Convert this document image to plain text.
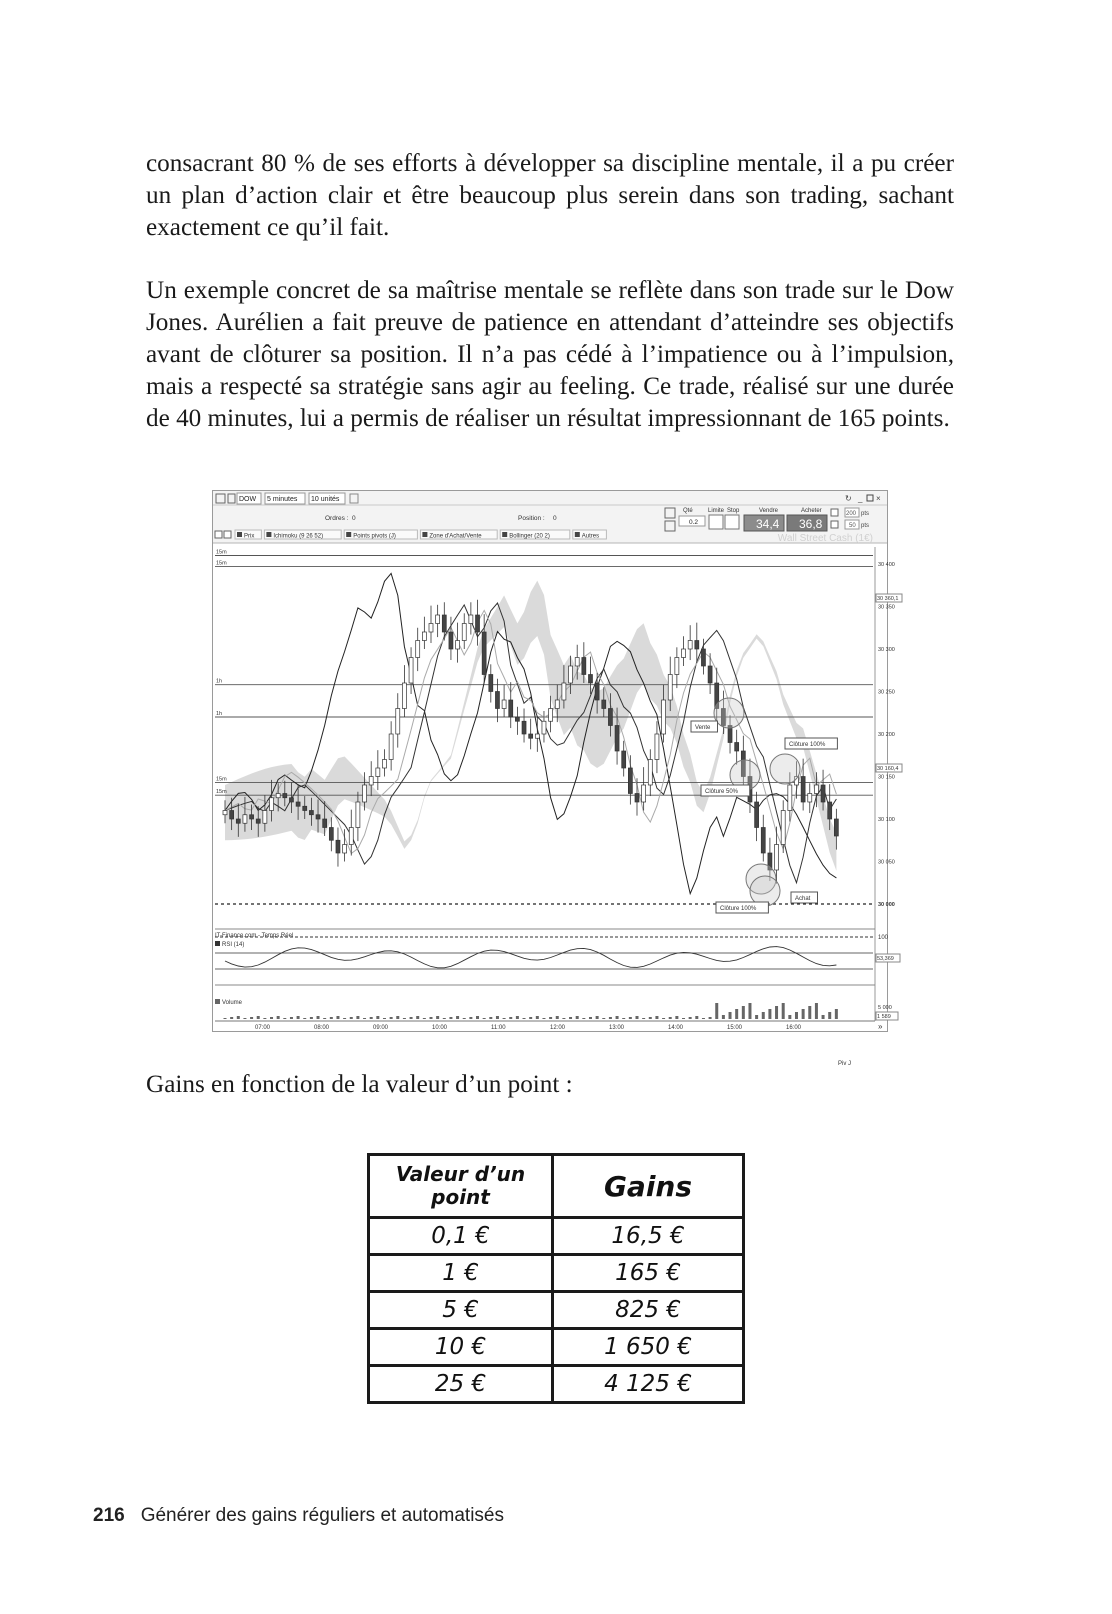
consacrant 80 % de ses efforts à développer sa discipline mentale, il a pu créer un plan d’action clair et être beaucoup plus serein dans son trading, sachant exactement ce qu’il fait.

Un exemple concret de sa maîtrise mentale se reflète dans son trade sur le Dow Jones. Aurélien a fait preuve de patience en attendant d’atteindre ses objectifs avant de clôturer sa position. Il n’a pas cédé à l’impatience ou à l’impulsion, mais a respecté sa stratégie sans agir au feeling. Ce trade, réalisé sur une durée de 40 minutes, lui a permis de réaliser un résultat impressionnant de 165 points.

DOW 5 minutes 10 unités
Ordres : 0	Position : 0
Qté
0.2
Limite Stop	Vendre
34,4
Acheter
36,8
200 pts
50 pts
↻ _ ×
Prix	Ichimoku (9 26 52)	Points pivots (J)	Zone d'Achat/Vente	Bollinger (20 2)	Autres	Wall Street Cash (1€)
15m
15m
1h
1h
15m
15m
30 400
30 350
30 300
30 250
30 200
30 150
30 100
30 050
30 000
30 360,1
30 160,4
Vente
Clôture 50%
Clôture 100%
Achat
Clôture 100%
100
53,369
5 000
1 589
07:00	08:00	09:00	10:00	11:00	12:00	13:00	14:00	15:00	16:00	»
IT-Finance.com - Temps Réel
RSI (14)
Volume
Piv J

Gains en fonction de la valeur d’un point :

Valeur d’un point	Gains
0,1 €	16,5 €
1 €	165 €
5 €	825 €
10 €	1 650 €
25 €	4 125 €
216 Générer des gains réguliers et automatisés
